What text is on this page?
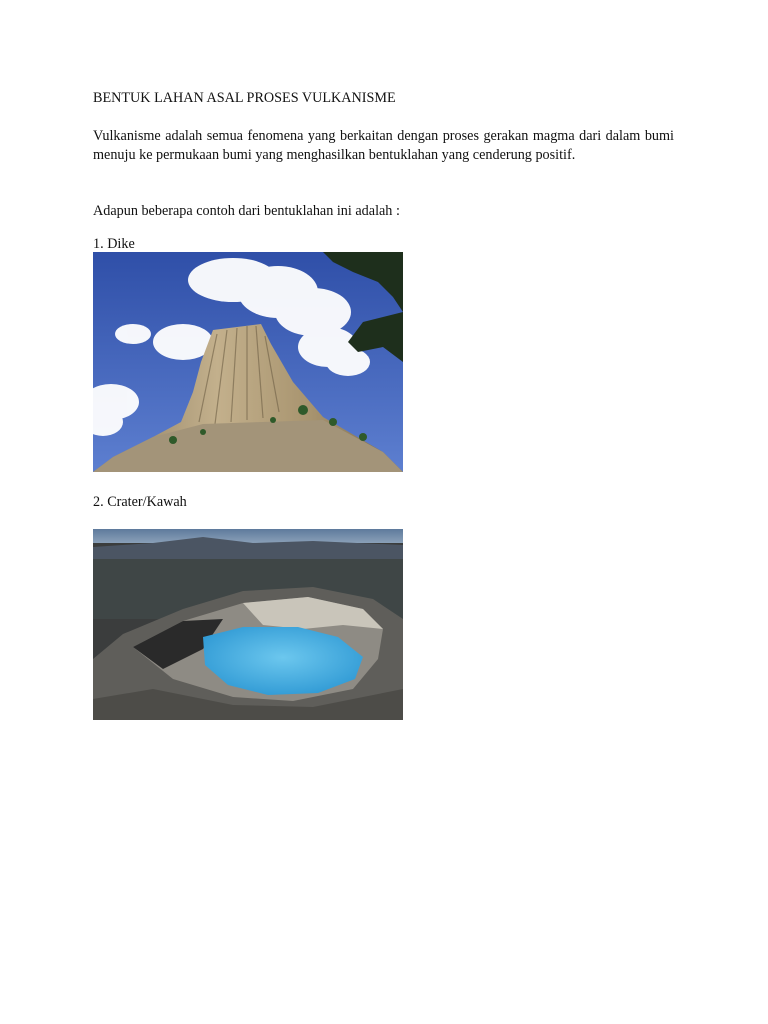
BENTUK LAHAN ASAL PROSES VULKANISME

Vulkanisme adalah semua fenomena yang berkaitan dengan proses gerakan magma dari dalam bumi menuju ke permukaan bumi yang menghasilkan bentuklahan yang cenderung positif.

Adapun beberapa contoh dari bentuklahan ini adalah :

1. Dike

2. Crater/Kawah
